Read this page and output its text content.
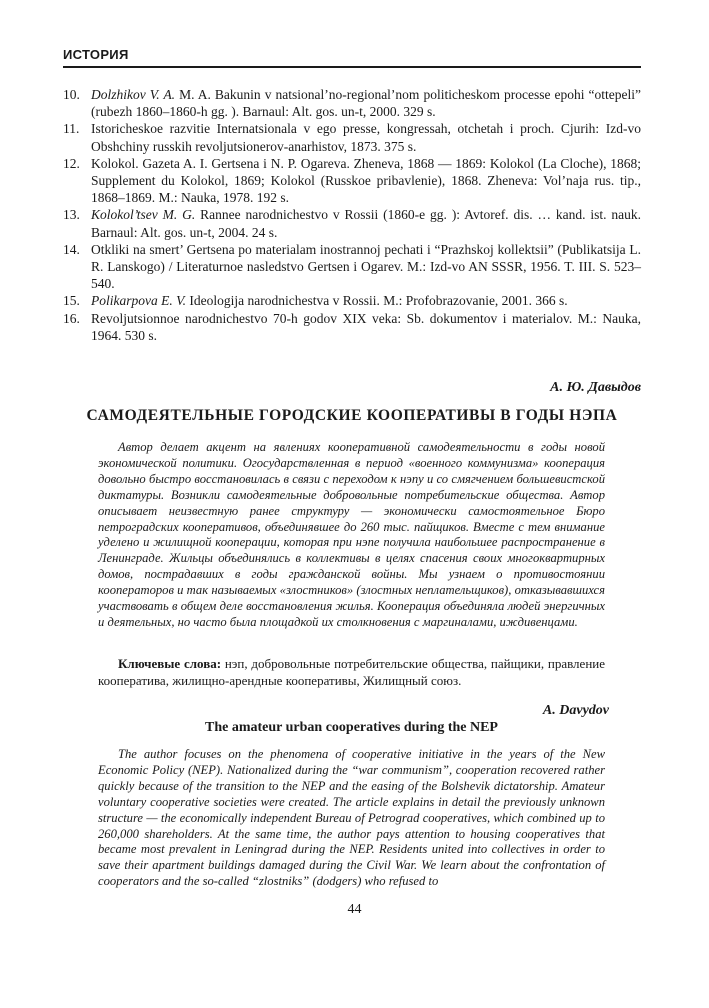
ИСТОРИЯ
10. Dolzhikov V. A. M. A. Bakunin v natsional’no-regional’nom politicheskom processe epohi “ottepeli” (rubezh 1860–1860-h gg. ). Barnaul: Alt. gos. un-t, 2000. 329 s.
11. Istoricheskoe razvitie Internatsionala v ego presse, kongressah, otchetah i proch. Cjurih: Izd-vo Obshchiny russkih revoljutsionerov-anarhistov, 1873. 375 s.
12. Kolokol. Gazeta A. I. Gertsena i N. P. Ogareva. Zheneva, 1868 — 1869: Kolokol (La Cloche), 1868; Supplement du Kolokol, 1869; Kolokol (Russkoe pribavlenie), 1868. Zheneva: Vol’naja rus. tip., 1868–1869. M.: Nauka, 1978. 192 s.
13. Kolokol’tsev M. G. Rannee narodnichestvo v Rossii (1860-e gg. ): Avtoref. dis. … kand. ist. nauk. Barnaul: Alt. gos. un-t, 2004. 24 s.
14. Otkliki na smert’ Gertsena po materialam inostrannoj pechati i “Prazhskoj kollektsii” (Publikatsija L. R. Lanskogo) / Literaturnoe nasledstvo Gertsen i Ogarev. M.: Izd-vo AN SSSR, 1956. T. III. S. 523–540.
15. Polikarpova E. V. Ideologija narodnichestva v Rossii. M.: Profobrazovanie, 2001. 366 s.
16. Revoljutsionnoe narodnichestvo 70-h godov XIX veka: Sb. dokumentov i materialov. M.: Nauka, 1964. 530 s.
А. Ю. Давыдов
САМОДЕЯТЕЛЬНЫЕ ГОРОДСКИЕ КООПЕРАТИВЫ В ГОДЫ НЭПА

Автор делает акцент на явлениях кооперативной самодеятельности в годы новой экономической политики. Огосударствленная в период «военного коммунизма» кооперация довольно быстро восстановилась в связи с переходом к нэпу и со смягчением большевистской диктатуры. Возникли самодеятельные добровольные потребительские общества. Автор описывает неизвестную ранее структуру — экономически самостоятельное Бюро петроградских кооперативов, объединявшее до 260 тыс. пайщиков. Вместе с тем внимание уделено и жилищной кооперации, которая при нэпе получила наибольшее распространение в Ленинграде. Жильцы объединялись в коллективы в целях спасения своих многоквартирных домов, пострадавших в годы гражданской войны. Мы узнаем о противостоянии кооператоров и так называемых «злостников» (злостных неплательщиков), отказывавшихся участвовать в общем деле восстановления жилья. Кооперация объединяла людей энергичных и деятельных, но часто была площадкой их столкновения с маргиналами, иждивенцами.

Ключевые слова: нэп, добровольные потребительские общества, пайщики, правление кооператива, жилищно-арендные кооперативы, Жилищный союз.

A. Davydov
The amateur urban cooperatives during the NEP

The author focuses on the phenomena of cooperative initiative in the years of the New Economic Policy (NEP). Nationalized during the “war communism”, cooperation recovered rather quickly because of the transition to the NEP and the easing of the Bolshevik dictatorship. Amateur voluntary cooperative societies were created. The article explains in detail the previously unknown structure — the economically independent Bureau of Petrograd cooperatives, which combined up to 260,000 shareholders. At the same time, the author pays attention to housing cooperatives that became most prevalent in Leningrad during the NEP. Residents united into collectives in order to save their apartment buildings damaged during the Civil War. We learn about the confrontation of cooperators and the so-called “zlostniks” (dodgers) who refused to

44
